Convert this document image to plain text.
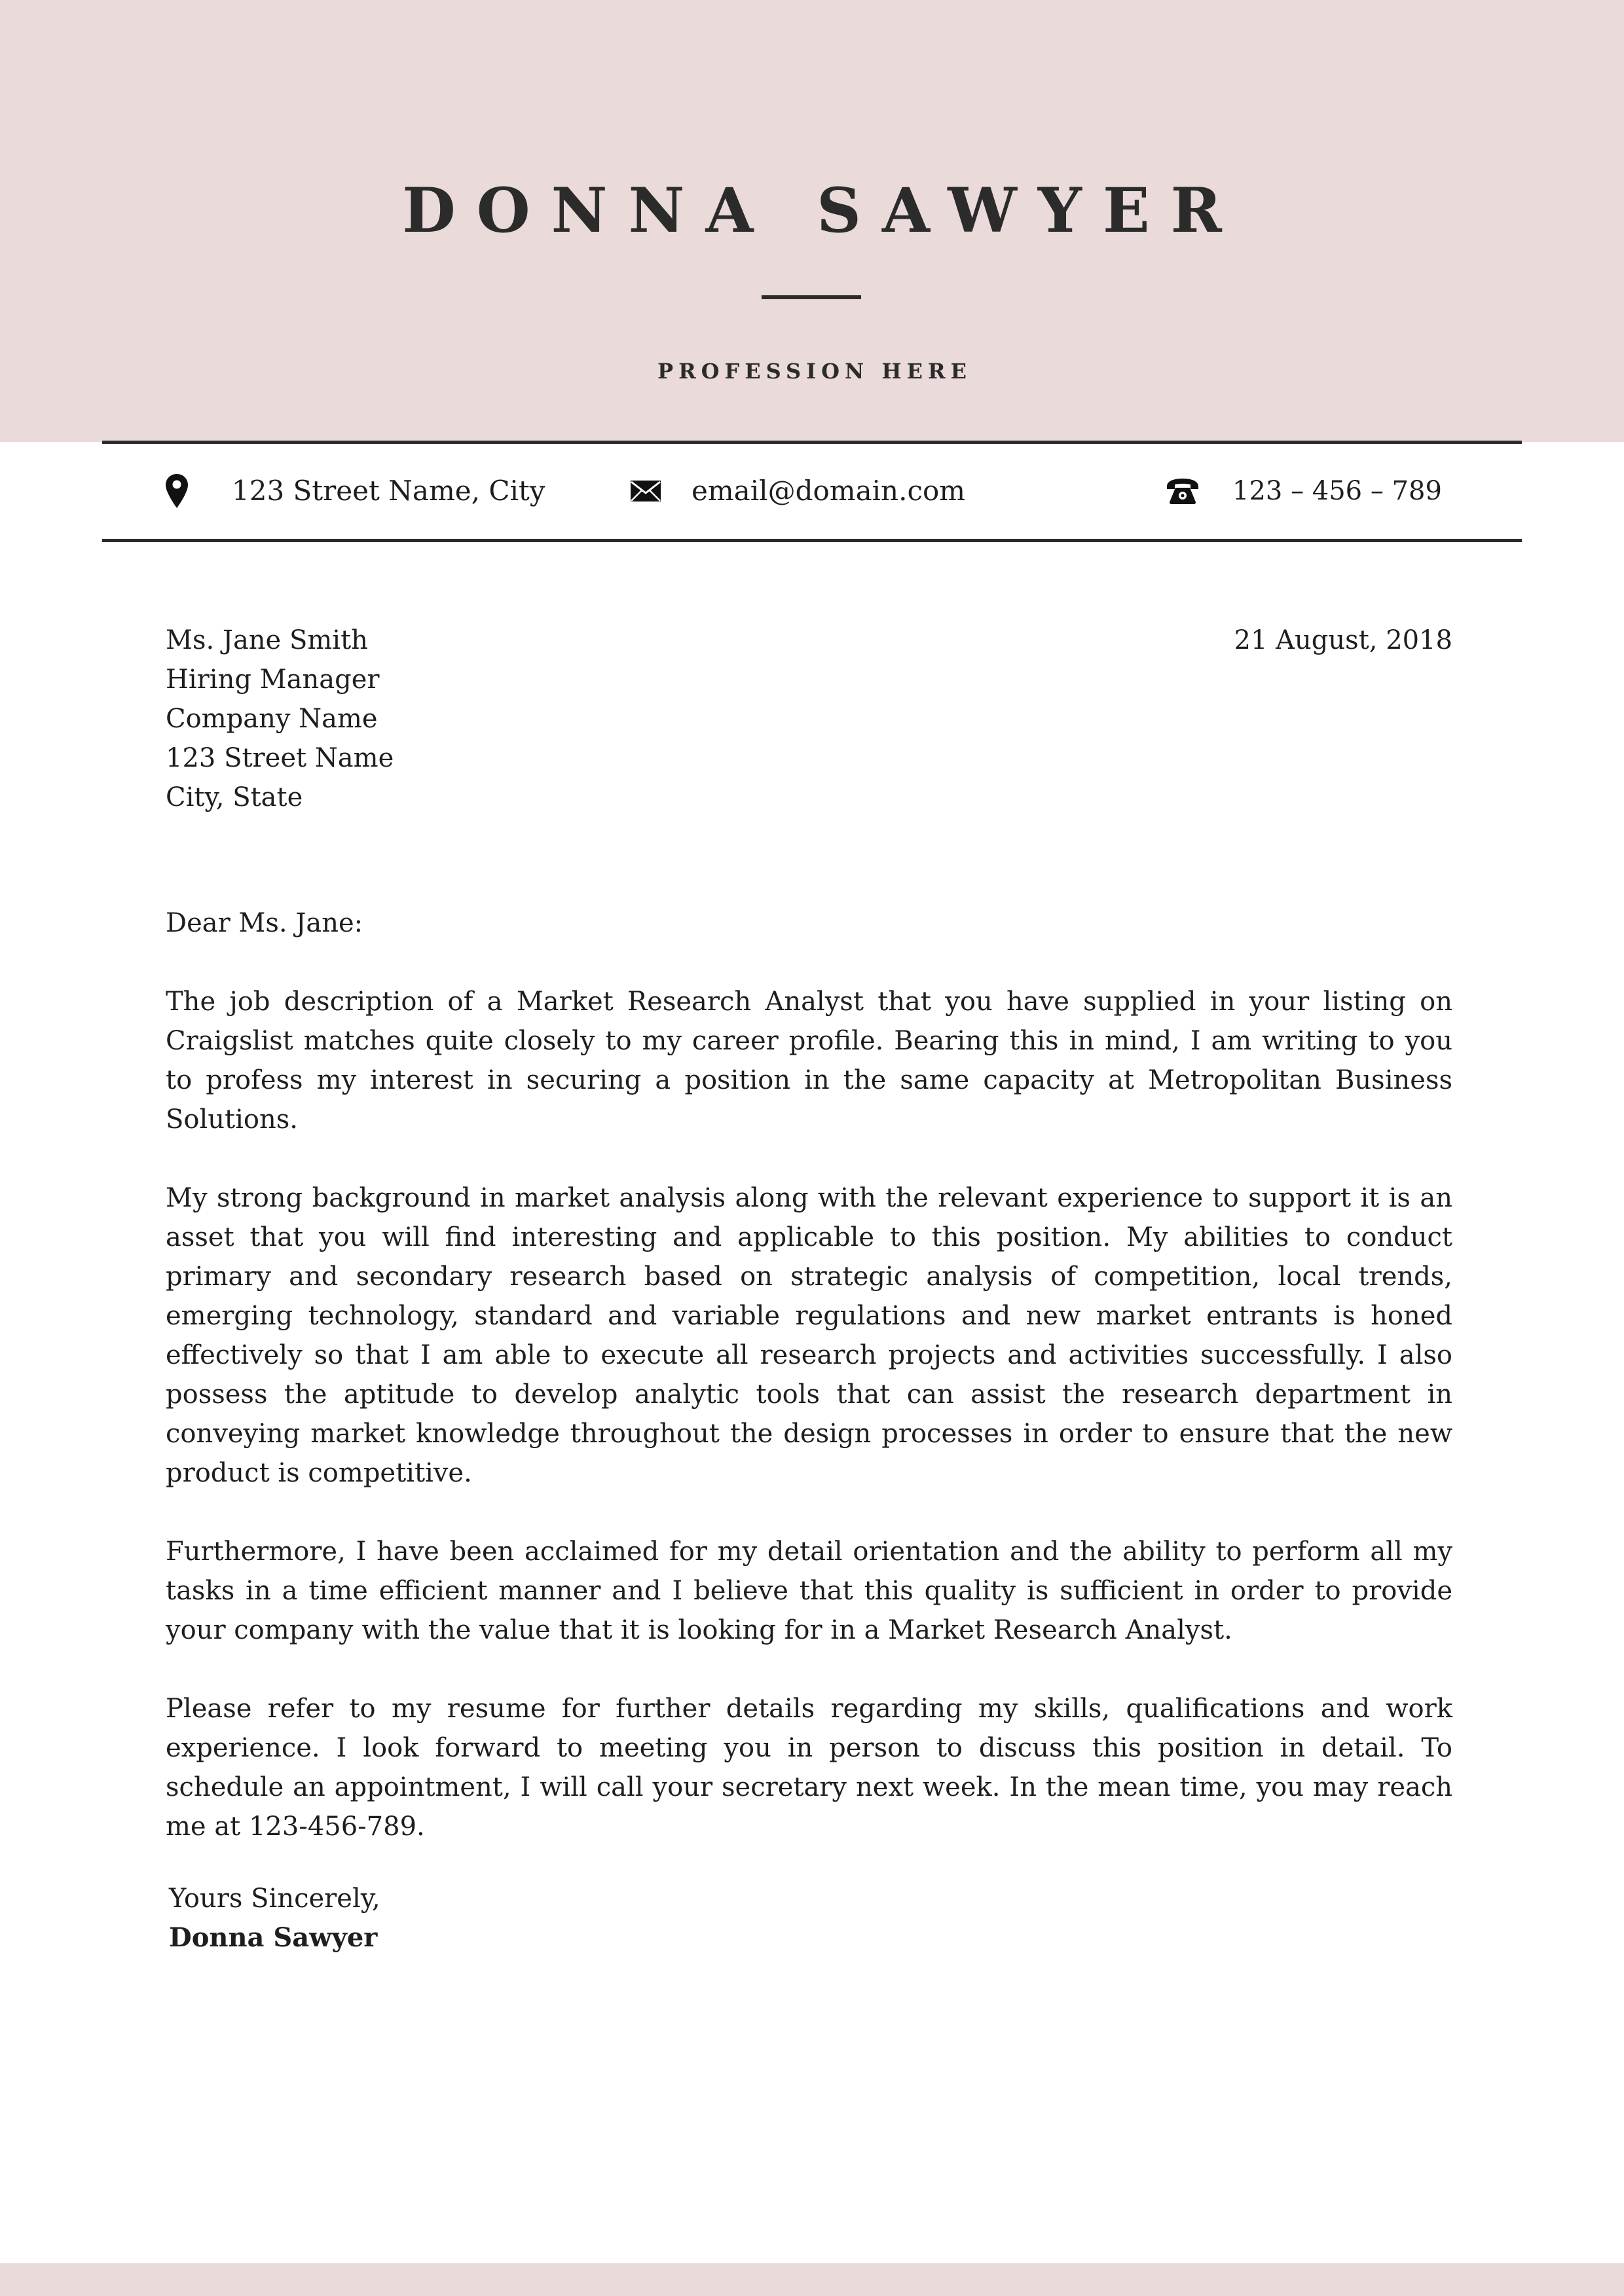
DONNA SAWYER
PROFESSION HERE
123 Street Name, City	email@domain.com	123 – 456 – 789
Ms. Jane Smith
Hiring Manager
Company Name
123 Street Name
City, State
21 August, 2018
Dear Ms. Jane:

The job description of a Market Research Analyst that you have supplied in your listing on Craigslist matches quite closely to my career profile. Bearing this in mind, I am writing to you to profess my interest in securing a position in the same capacity at Metropolitan Business Solutions.

My strong background in market analysis along with the relevant experience to support it is an asset that you will find interesting and applicable to this position. My abilities to conduct primary and secondary research based on strategic analysis of competition, local trends, emerging technology, standard and variable regulations and new market entrants is honed effectively so that I am able to execute all research projects and activities successfully. I also possess the aptitude to develop analytic tools that can assist the research department in conveying market knowledge throughout the design processes in order to ensure that the new product is competitive.

Furthermore, I have been acclaimed for my detail orientation and the ability to perform all my tasks in a time efficient manner and I believe that this quality is sufficient in order to provide your company with the value that it is looking for in a Market Research Analyst.

Please refer to my resume for further details regarding my skills, qualifications and work experience. I look forward to meeting you in person to discuss this position in detail. To schedule an appointment, I will call your secretary next week. In the mean time, you may reach me at 123-456-789.

Yours Sincerely,
Donna Sawyer
